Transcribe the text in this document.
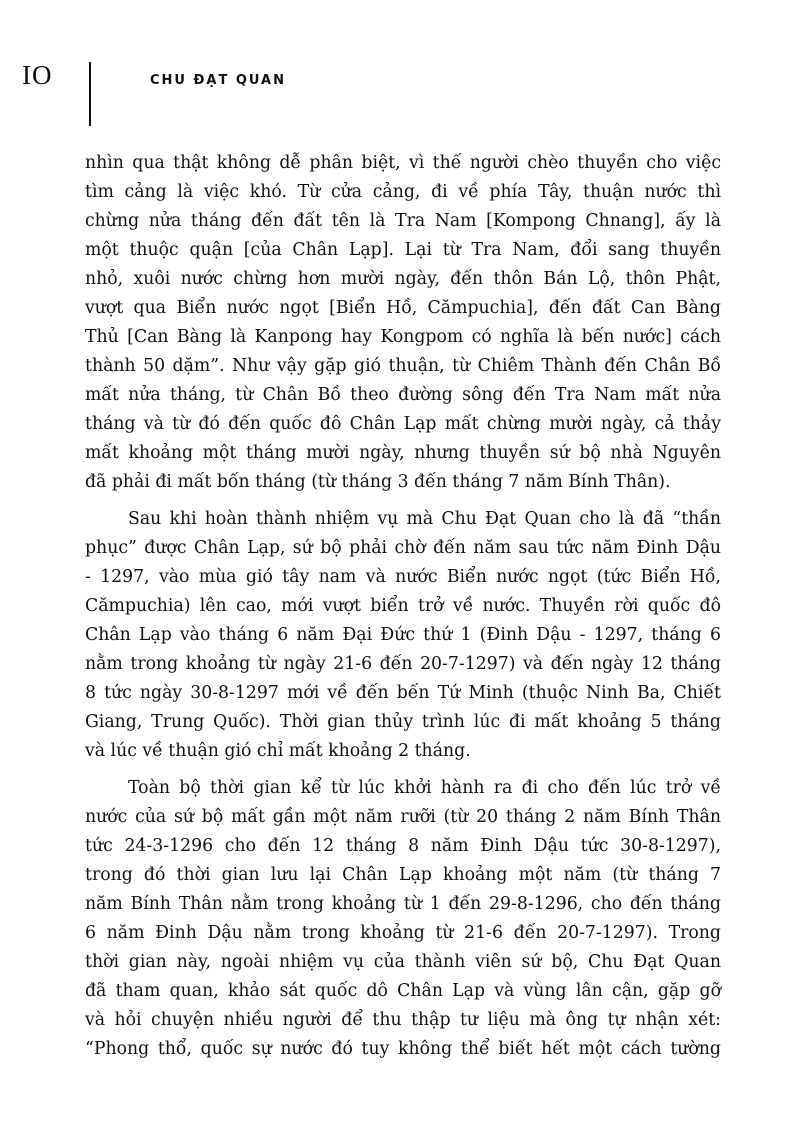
IO	CHU ĐẠT QUAN
nhìn qua thật không dễ phân biệt, vì thế người chèo thuyền cho việc
tìm cảng là việc khó. Từ cửa cảng, đi về phía Tây, thuận nước thì
chừng nửa tháng đến đất tên là Tra Nam [Kompong Chnang], ấy là
một thuộc quận [của Chân Lạp]. Lại từ Tra Nam, đổi sang thuyền
nhỏ, xuôi nước chừng hơn mười ngày, đến thôn Bán Lộ, thôn Phật,
vượt qua Biển nước ngọt [Biển Hồ, Cămpuchia], đến đất Can Bàng
Thủ [Can Bàng là Kanpong hay Kongpom có nghĩa là bến nước] cách
thành 50 dặm”. Như vậy gặp gió thuận, từ Chiêm Thành đến Chân Bồ
mất nửa tháng, từ Chân Bồ theo đường sông đến Tra Nam mất nửa
tháng và từ đó đến quốc đô Chân Lạp mất chừng mười ngày, cả thảy
mất khoảng một tháng mười ngày, nhưng thuyền sứ bộ nhà Nguyên
đã phải đi mất bốn tháng (từ tháng 3 đến tháng 7 năm Bính Thân).
Sau khi hoàn thành nhiệm vụ mà Chu Đạt Quan cho là đã “thần
phục” được Chân Lạp, sứ bộ phải chờ đến năm sau tức năm Đinh Dậu
- 1297, vào mùa gió tây nam và nước Biển nước ngọt (tức Biển Hồ,
Cămpuchia) lên cao, mới vượt biển trở về nước. Thuyền rời quốc đô
Chân Lạp vào tháng 6 năm Đại Đức thứ 1 (Đinh Dậu - 1297, tháng 6
nằm trong khoảng từ ngày 21-6 đến 20-7-1297) và đến ngày 12 tháng
8 tức ngày 30-8-1297 mới về đến bến Tứ Minh (thuộc Ninh Ba, Chiết
Giang, Trung Quốc). Thời gian thủy trình lúc đi mất khoảng 5 tháng
và lúc về thuận gió chỉ mất khoảng 2 tháng.
Toàn bộ thời gian kể từ lúc khởi hành ra đi cho đến lúc trở về
nước của sứ bộ mất gần một năm rưỡi (từ 20 tháng 2 năm Bính Thân
tức 24-3-1296 cho đến 12 tháng 8 năm Đinh Dậu tức 30-8-1297),
trong đó thời gian lưu lại Chân Lạp khoảng một năm (từ tháng 7
năm Bính Thân nằm trong khoảng từ 1 đến 29-8-1296, cho đến tháng
6 năm Đinh Dậu nằm trong khoảng từ 21-6 đến 20-7-1297). Trong
thời gian này, ngoài nhiệm vụ của thành viên sứ bộ, Chu Đạt Quan
đã tham quan, khảo sát quốc dô Chân Lạp và vùng lân cận, gặp gỡ
và hỏi chuyện nhiều người để thu thập tư liệu mà ông tự nhận xét:
“Phong thổ, quốc sự nước đó tuy không thể biết hết một cách tường
